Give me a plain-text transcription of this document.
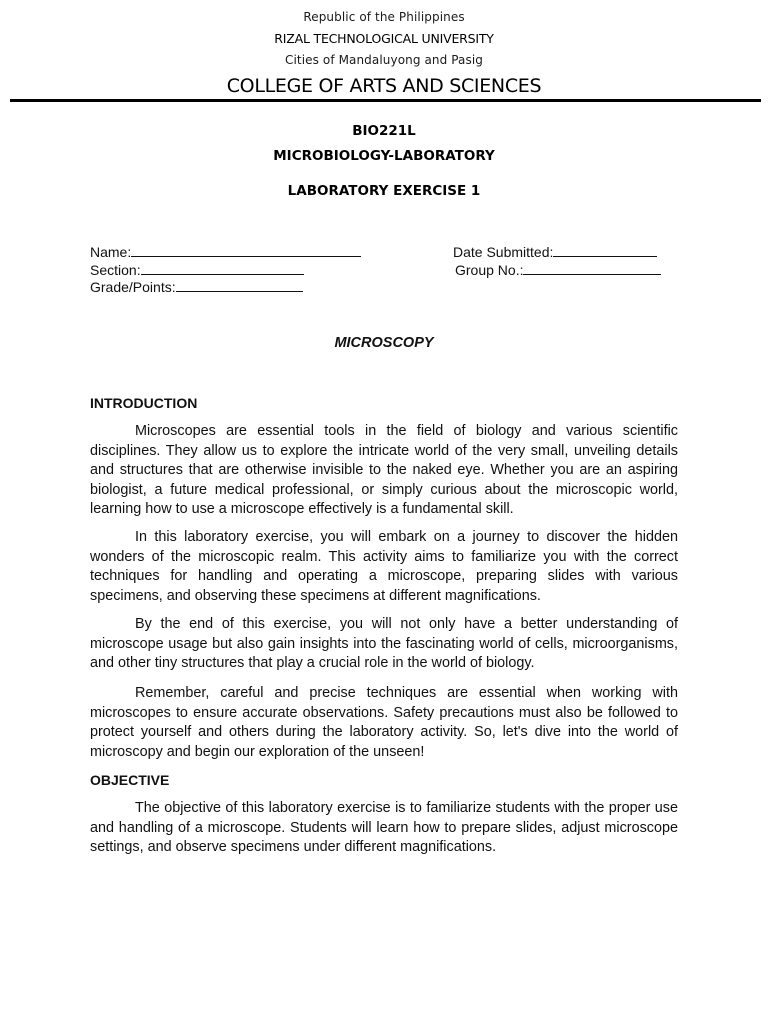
Republic of the Philippines
RIZAL TECHNOLOGICAL UNIVERSITY
Cities of Mandaluyong and Pasig
COLLEGE OF ARTS AND SCIENCES
BIO221L
MICROBIOLOGY-LABORATORY
LABORATORY EXERCISE 1
Name:
Section:
Grade/Points:
Date Submitted:
Group No.:
MICROSCOPY
INTRODUCTION
Microscopes are essential tools in the field of biology and various scientific disciplines. They allow us to explore the intricate world of the very small, unveiling details and structures that are otherwise invisible to the naked eye. Whether you are an aspiring biologist, a future medical professional, or simply curious about the microscopic world, learning how to use a microscope effectively is a fundamental skill.
In this laboratory exercise, you will embark on a journey to discover the hidden wonders of the microscopic realm. This activity aims to familiarize you with the correct techniques for handling and operating a microscope, preparing slides with various specimens, and observing these specimens at different magnifications.
By the end of this exercise, you will not only have a better understanding of microscope usage but also gain insights into the fascinating world of cells, microorganisms, and other tiny structures that play a crucial role in the world of biology.
Remember, careful and precise techniques are essential when working with microscopes to ensure accurate observations. Safety precautions must also be followed to protect yourself and others during the laboratory activity. So, let's dive into the world of microscopy and begin our exploration of the unseen!
OBJECTIVE
The objective of this laboratory exercise is to familiarize students with the proper use and handling of a microscope. Students will learn how to prepare slides, adjust microscope settings, and observe specimens under different magnifications.
